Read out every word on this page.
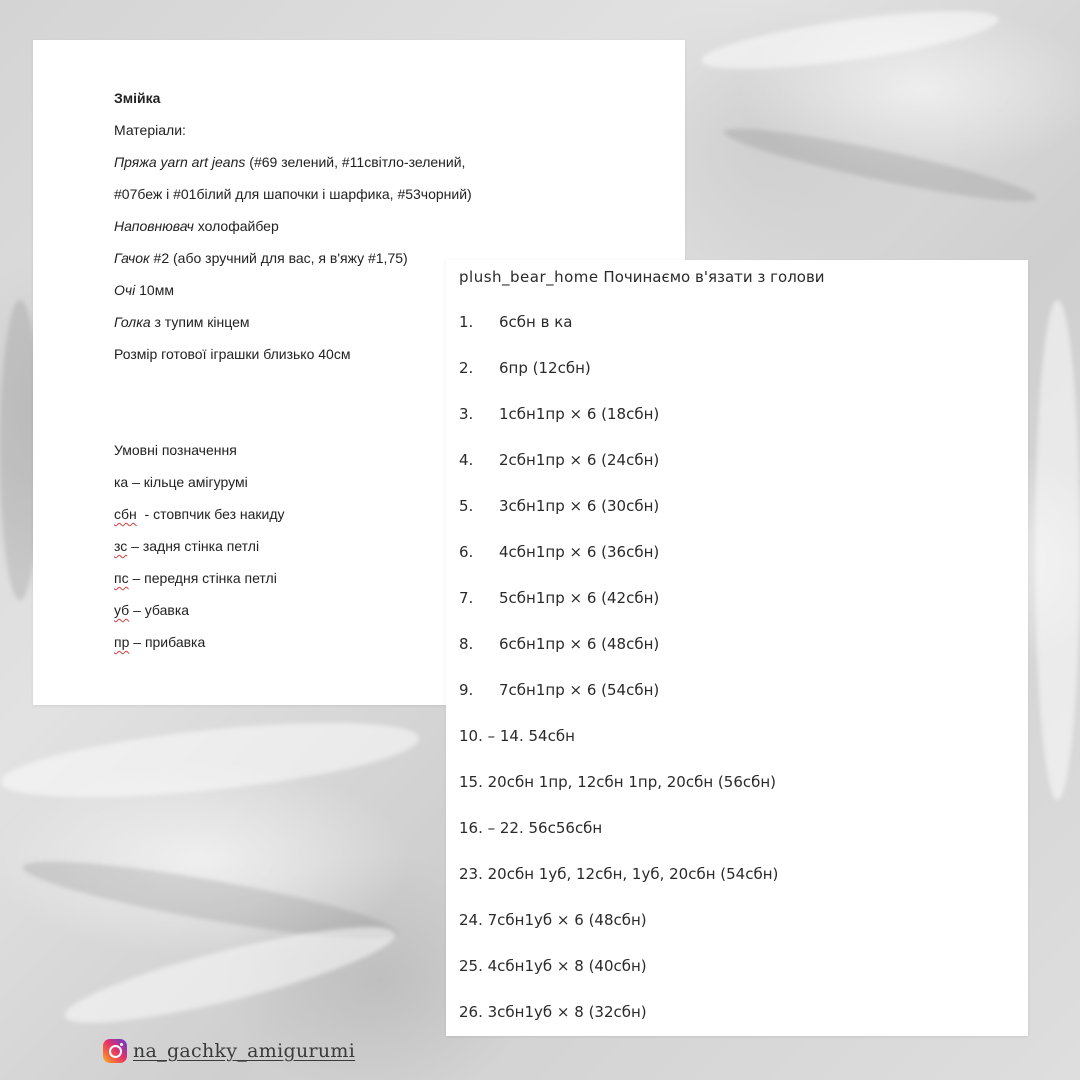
Змійка
Матеріали:
Пряжа yarn art jeans (#69 зелений, #11світло-зелений,
#07беж і #01білий для шапочки і шарфика, #53чорний)
Наповнювач холофайбер
Гачок #2 (або зручний для вас, я в'яжу #1,75)
Очі 10мм
Голка з тупим кінцем
Розмір готової іграшки близько 40см
Умовні позначення
ка – кільце амігурумі
сбн  - стовпчик без накиду
зс – задня стінка петлі
пс – передня стінка петлі
уб – убавка
пр – прибавка
plush_bear_home Починаємо в'язати з голови
1.	6сбн в ка
2.	6пр (12сбн)
3.	1сбн1пр × 6 (18сбн)
4.	2сбн1пр × 6 (24сбн)
5.	3сбн1пр × 6 (30сбн)
6.	4сбн1пр × 6 (36сбн)
7.	5сбн1пр × 6 (42сбн)
8.	6сбн1пр × 6 (48сбн)
9.	7сбн1пр × 6 (54сбн)
10. – 14. 54сбн
15. 20сбн 1пр, 12сбн 1пр, 20сбн (56сбн)
16. – 22. 56с56сбн
23. 20сбн 1уб, 12сбн, 1уб, 20сбн (54сбн)
24. 7сбн1уб × 6 (48сбн)
25. 4сбн1уб × 8 (40сбн)
26. 3сбн1уб × 8 (32сбн)
na_gachky_amigurumi
